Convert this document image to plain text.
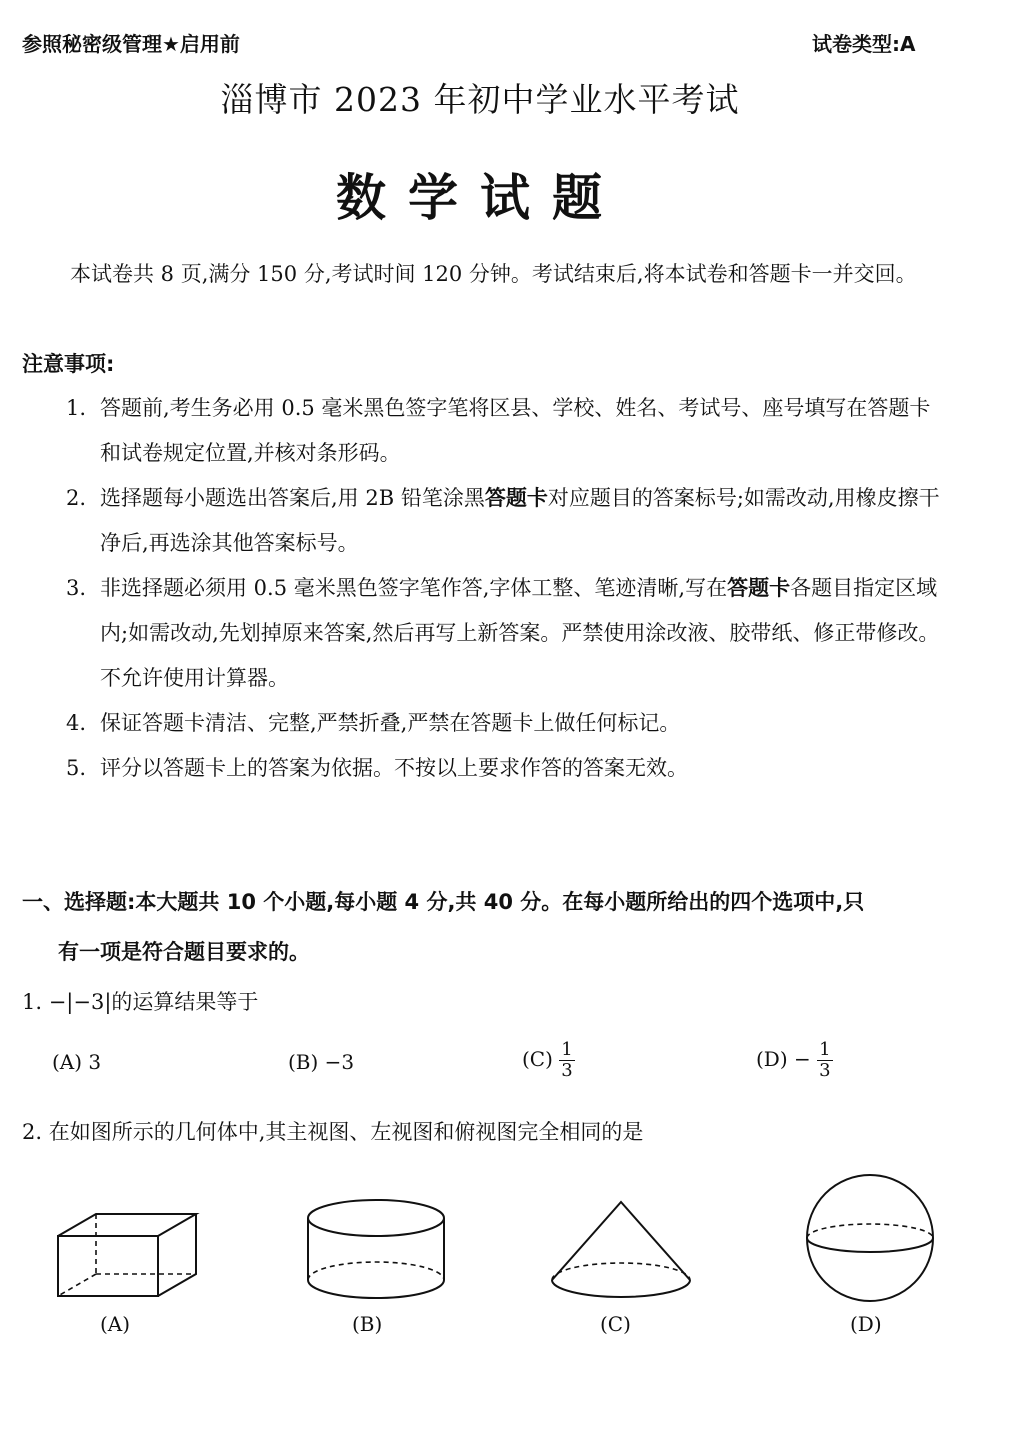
参照秘密级管理★启用前	试卷类型:A
淄博市 2023 年初中学业水平考试
数学试题
本试卷共 8 页,满分 150 分,考试时间 120 分钟。考试结束后,将本试卷和答题卡一并交回。
注意事项:
1. 答题前,考生务必用 0.5 毫米黑色签字笔将区县、学校、姓名、考试号、座号填写在答题卡和试卷规定位置,并核对条形码。
2. 选择题每小题选出答案后,用 2B 铅笔涂黑答题卡对应题目的答案标号;如需改动,用橡皮擦干净后,再选涂其他答案标号。
3. 非选择题必须用 0.5 毫米黑色签字笔作答,字体工整、笔迹清晰,写在答题卡各题目指定区域内;如需改动,先划掉原来答案,然后再写上新答案。严禁使用涂改液、胶带纸、修正带修改。不允许使用计算器。
4. 保证答题卡清洁、完整,严禁折叠,严禁在答题卡上做任何标记。
5. 评分以答题卡上的答案为依据。不按以上要求作答的答案无效。
一、选择题:本大题共 10 个小题,每小题 4 分,共 40 分。在每小题所给出的四个选项中,只
有一项是符合题目要求的。
1. −|−3|的运算结果等于
(A) 3	(B) −3	$(C) \frac{1}{3}$	$(D) - \frac{1}{3}$
2. 在如图所示的几何体中,其主视图、左视图和俯视图完全相同的是
(A)	(B)	(C)	(D)
